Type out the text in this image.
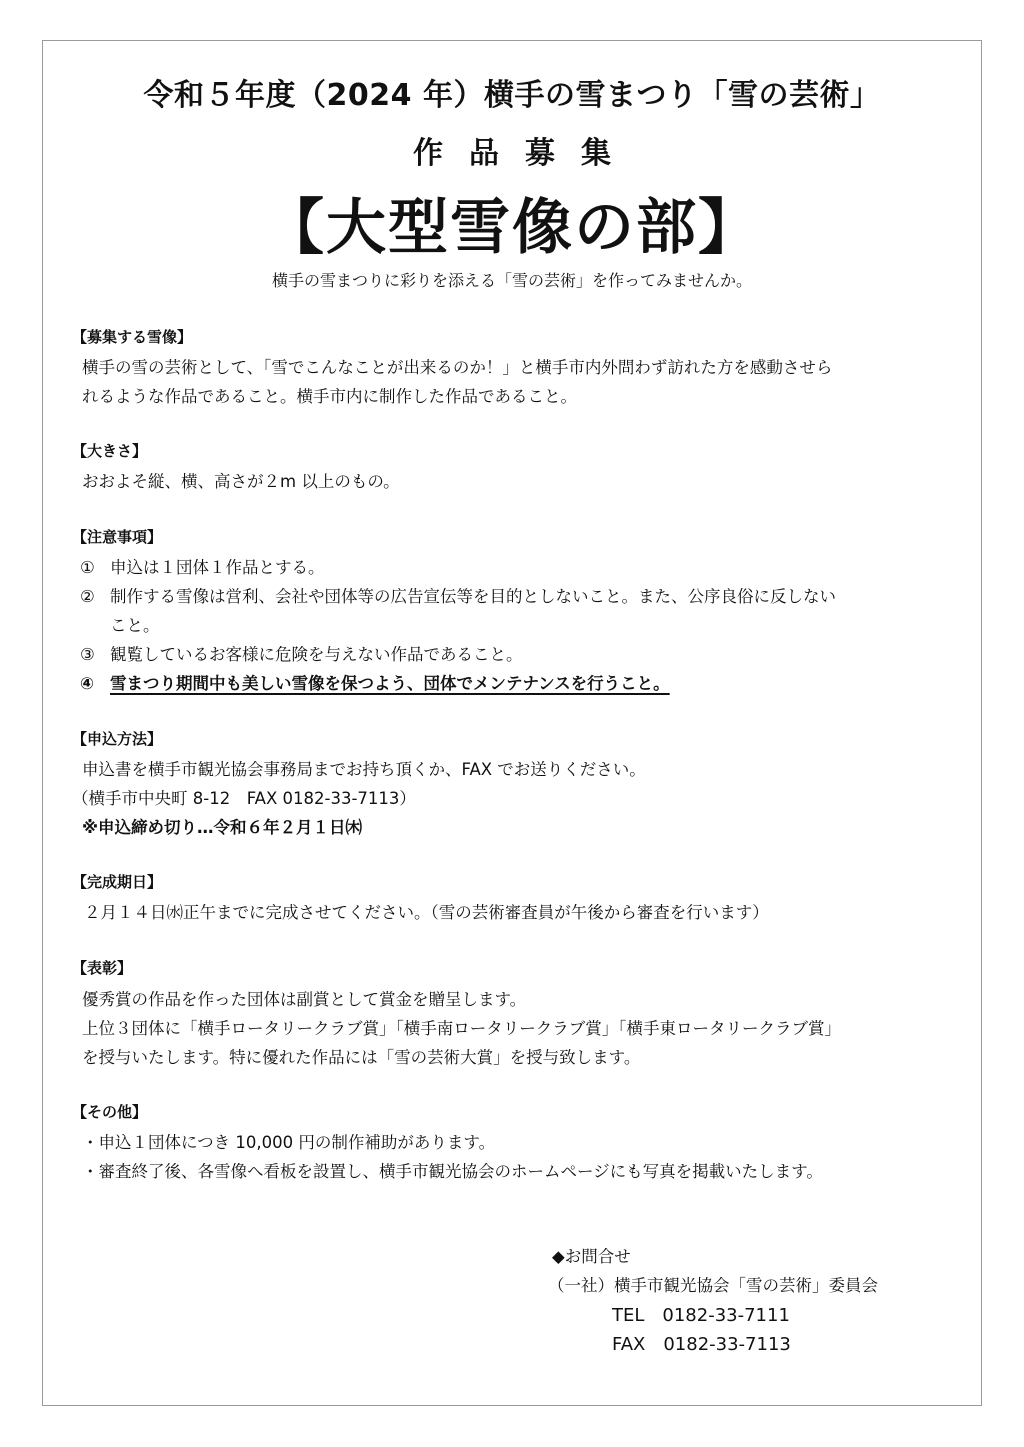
令和５年度（2024 年）横手の雪まつり「雪の芸術」
作品募集
【大型雪像の部】
横手の雪まつりに彩りを添える「雪の芸術」を作ってみませんか。
【募集する雪像】
横手の雪の芸術として、「雪でこんなことが出来るのか！」と横手市内外問わず訪れた方を感動させら
れるような作品であること。横手市内に制作した作品であること。
【大きさ】
おおよそ縦、横、高さが２m 以上のもの。
【注意事項】
① 申込は１団体１作品とする。
② 制作する雪像は営利、会社や団体等の広告宣伝等を目的としないこと。また、公序良俗に反しない
こと。
③ 観覧しているお客様に危険を与えない作品であること。
④ 雪まつり期間中も美しい雪像を保つよう、団体でメンテナンスを行うこと。
【申込方法】
申込書を横手市観光協会事務局までお持ち頂くか、FAX でお送りください。
（横手市中央町 8-12　FAX 0182-33-7113）
※申込締め切り…令和６年２月１日㈭
【完成期日】
２月１４日㈬正午までに完成させてください。（雪の芸術審査員が午後から審査を行います）
【表彰】
優秀賞の作品を作った団体は副賞として賞金を贈呈します。
上位３団体に「横手ロータリークラブ賞」「横手南ロータリークラブ賞」「横手東ロータリークラブ賞」
を授与いたします。特に優れた作品には「雪の芸術大賞」を授与致します。
【その他】
・申込１団体につき 10,000 円の制作補助があります。
・審査終了後、各雪像へ看板を設置し、横手市観光協会のホームページにも写真を掲載いたします。
◆お問合せ
（一社）横手市観光協会「雪の芸術」委員会
TEL　0182-33-7111
FAX　0182-33-7113
